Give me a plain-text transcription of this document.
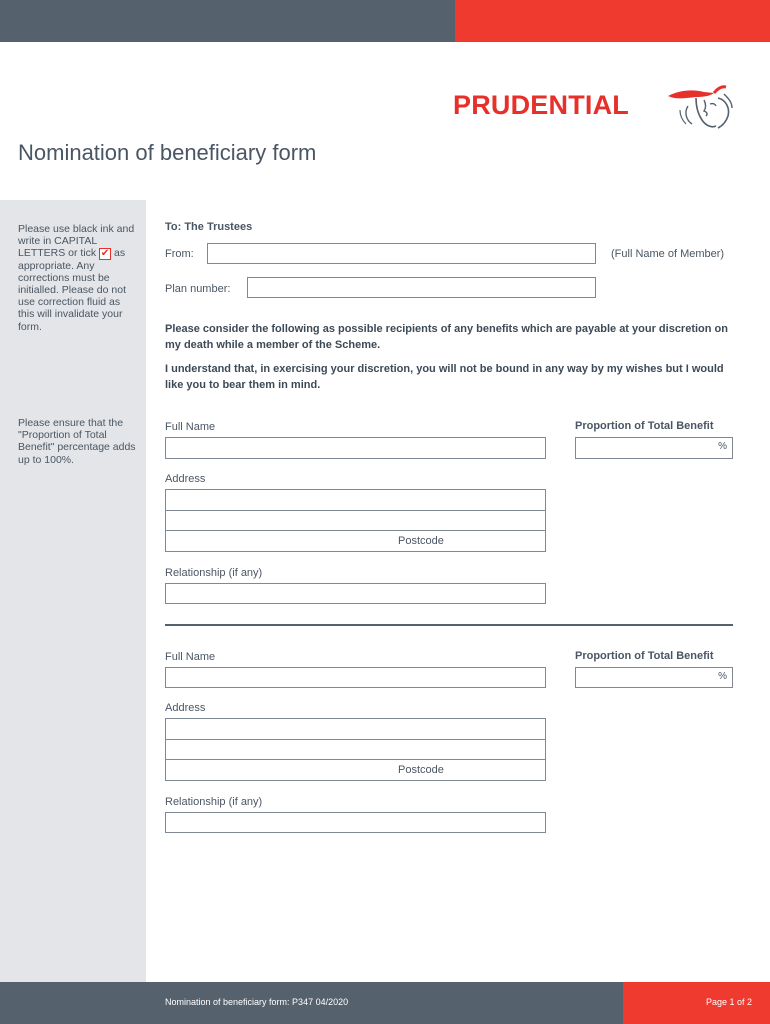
PRUDENTIAL
Nomination of beneficiary form
Please use black ink and write in CAPITAL LETTERS or tick ✔ as appropriate. Any corrections must be initialled. Please do not use correction fluid as this will invalidate your form.
Please ensure that the "Proportion of Total Benefit" percentage adds up to 100%.
To: The Trustees
From:	(Full Name of Member)
Plan number:
Please consider the following as possible recipients of any benefits which are payable at your discretion on my death while a member of the Scheme.
I understand that, in exercising your discretion, you will not be bound in any way by my wishes but I would like you to bear them in mind.
Full Name	Proportion of Total Benefit
%
Address
Postcode
Relationship (if any)
Full Name	Proportion of Total Benefit
%
Address
Postcode
Relationship (if any)
Nomination of beneficiary form: P347 04/2020	Page 1 of 2
